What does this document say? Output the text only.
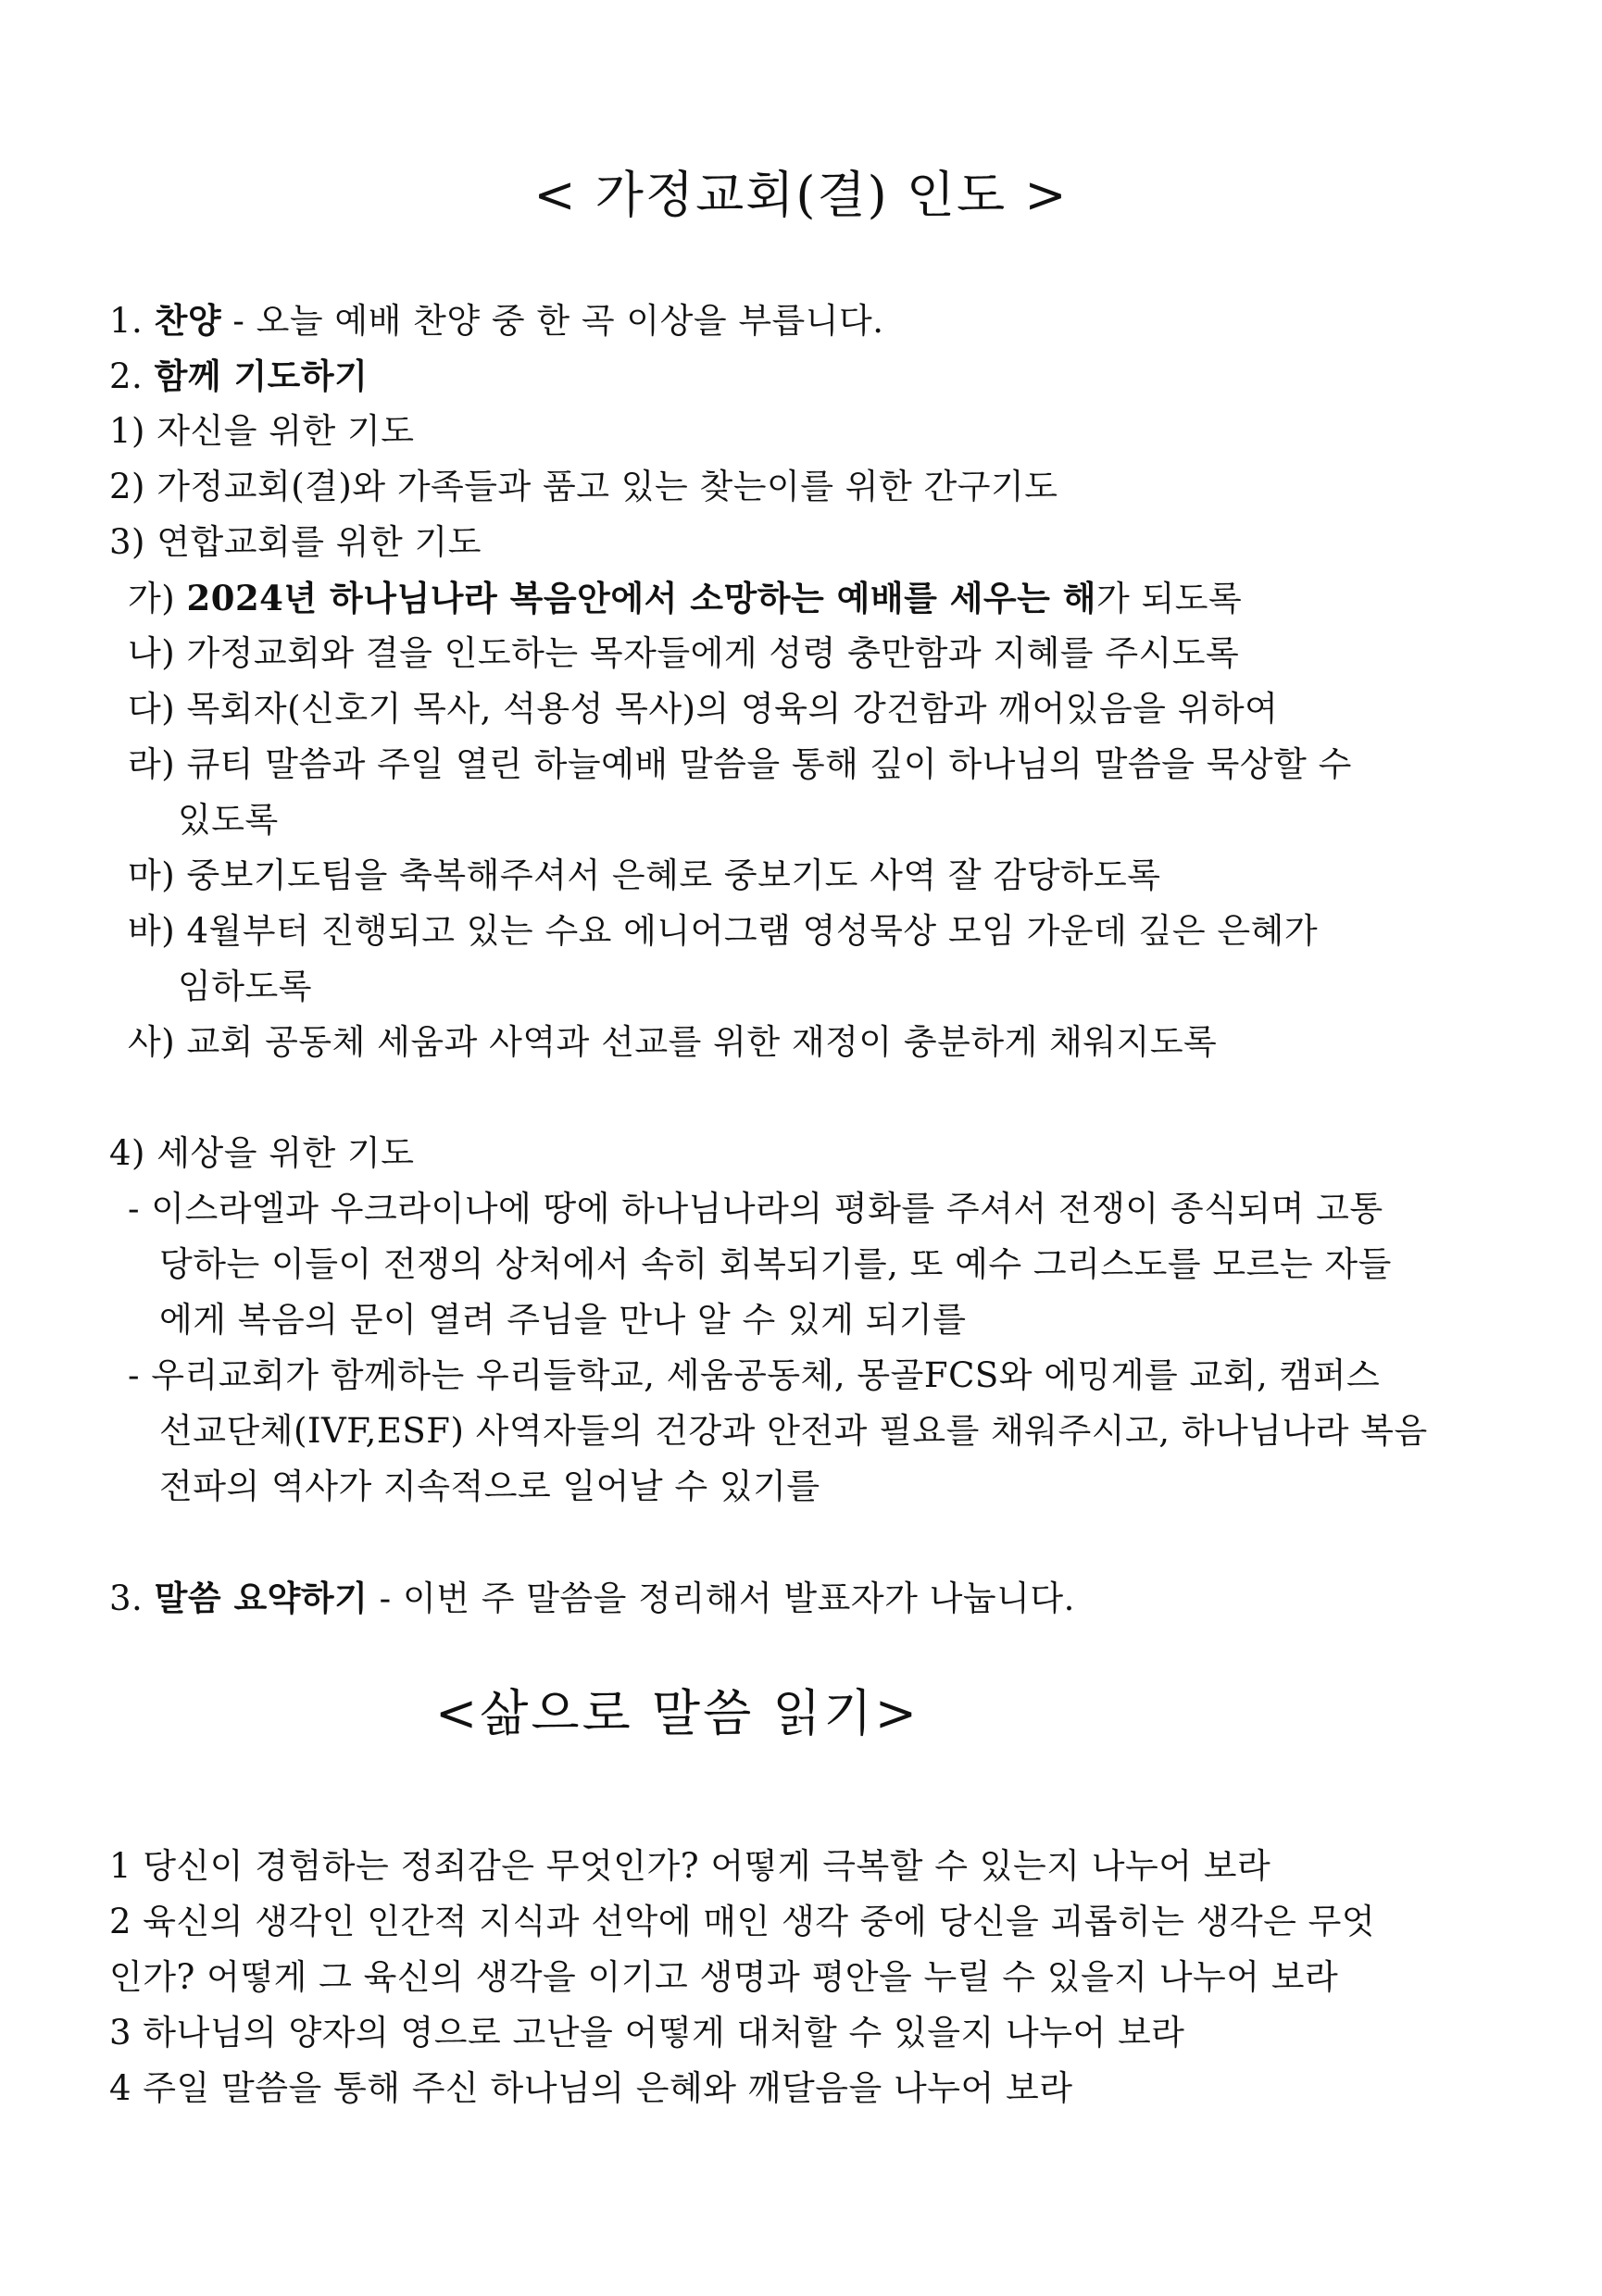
< 가정교회(결) 인도 >
1. 찬양 - 오늘 예배 찬양 중 한 곡 이상을 부릅니다.
2. 함께 기도하기
1) 자신을 위한 기도
2) 가정교회(결)와 가족들과 품고 있는 찾는이를 위한 간구기도
3) 연합교회를 위한 기도
가) 2024년 하나님나라 복음안에서 소망하는 예배를 세우는 해가 되도록
나) 가정교회와 결을 인도하는 목자들에게 성령 충만함과 지혜를 주시도록
다) 목회자(신호기 목사, 석용성 목사)의 영육의 강건함과 깨어있음을 위하여
라) 큐티 말씀과 주일 열린 하늘예배 말씀을 통해 깊이 하나님의 말씀을 묵상할 수
있도록
마) 중보기도팀을 축복해주셔서 은혜로 중보기도 사역 잘 감당하도록
바) 4월부터 진행되고 있는 수요 에니어그램 영성묵상 모임 가운데 깊은 은혜가
임하도록
사) 교회 공동체 세움과 사역과 선교를 위한 재정이 충분하게 채워지도록
4) 세상을 위한 기도
- 이스라엘과 우크라이나에 땅에 하나님나라의 평화를 주셔서 전쟁이 종식되며 고통
당하는 이들이 전쟁의 상처에서 속히 회복되기를, 또 예수 그리스도를 모르는 자들
에게 복음의 문이 열려 주님을 만나 알 수 있게 되기를
- 우리교회가 함께하는 우리들학교, 세움공동체, 몽골FCS와 에밍게를 교회, 캠퍼스
선교단체(IVF,ESF) 사역자들의 건강과 안전과 필요를 채워주시고, 하나님나라 복음
전파의 역사가 지속적으로 일어날 수 있기를
3. 말씀 요약하기 - 이번 주 말씀을 정리해서 발표자가 나눕니다.
<삶으로 말씀 읽기>
1 당신이 경험하는 정죄감은 무엇인가? 어떻게 극복할 수 있는지 나누어 보라
2 육신의 생각인 인간적 지식과 선악에 매인 생각 중에 당신을 괴롭히는 생각은 무엇
인가? 어떻게 그 육신의 생각을 이기고 생명과 평안을 누릴 수 있을지 나누어 보라
3 하나님의 양자의 영으로 고난을 어떻게 대처할 수 있을지 나누어 보라
4 주일 말씀을 통해 주신 하나님의 은혜와 깨달음을 나누어 보라
